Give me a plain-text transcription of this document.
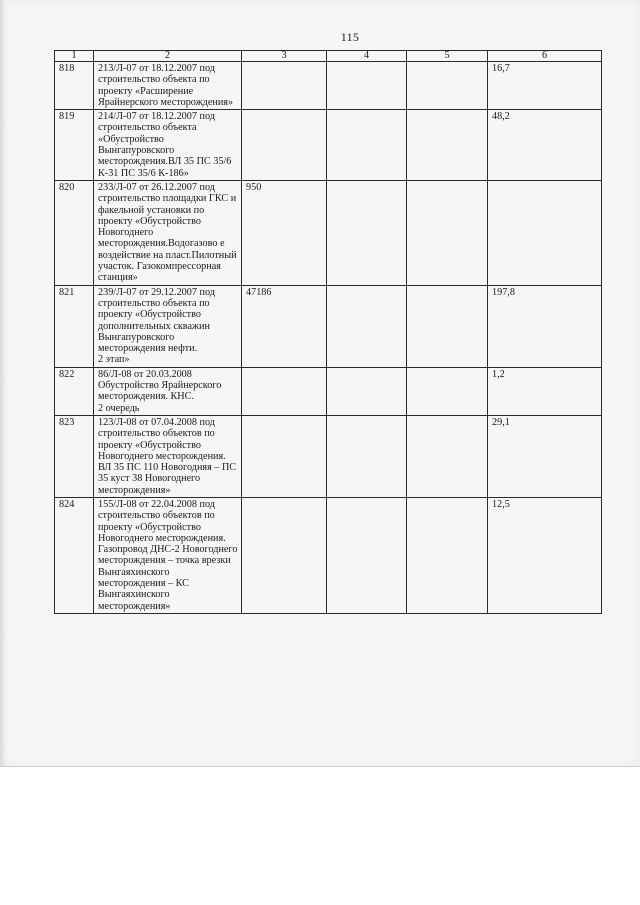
115
1	2	3	4	5	6
818	213/Л-07 от 18.12.2007 под строительство объекта по проекту «Расширение Ярайнерского месторождения»				16,7
819	214/Л-07 от 18.12.2007 под строительство объекта «Обустройство Вынгапуровского месторождения.ВЛ 35 ПС 35/6 К-31 ПС 35/6 К-186»				48,2
820	233/Л-07 от 26.12.2007 под строительство площадки ГКС и факельной установки по проекту «Обустройство Новогоднего месторождения.Водогазово е воздействие на пласт.Пилотный участок. Газокомпрессорная станция»	950			
821	239/Л-07 от 29.12.2007 под строительство объекта по проекту «Обустройство дополнительных скважин Вынгапуровского месторождения нефти.
2 этап»	47186			197,8
822	86/Л-08 от 20.03.2008 Обустройство Ярайнерского месторождения. КНС.
2 очередь				1,2
823	123/Л-08 от 07.04.2008 под строительство объектов по проекту «Обустройство Новогоднего месторождения. ВЛ 35 ПС 110 Новогодняя – ПС 35 куст 38 Новогоднего месторождения»				29,1
824	155/Л-08 от 22.04.2008 под строительство объектов по проекту «Обустройство Новогоднего месторождения. Газопровод ДНС-2 Новогоднего месторождения – точка врезки Вынгаяхинского месторождения – КС Вынгаяхинского месторождения»				12,5
